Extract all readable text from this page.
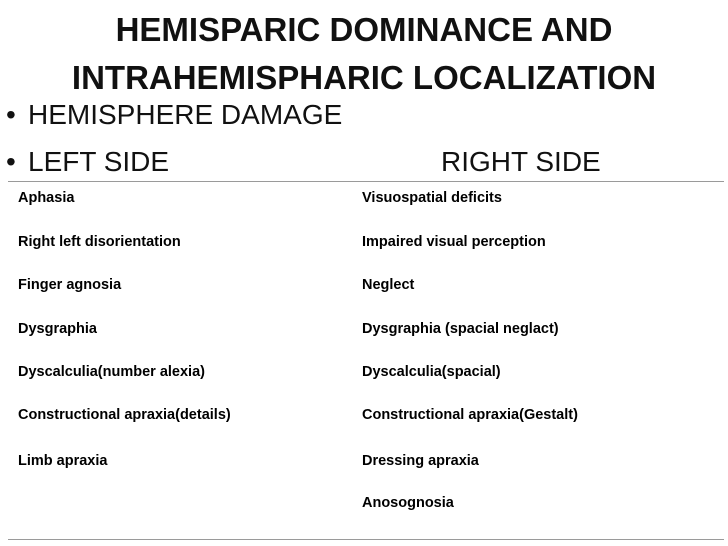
HEMISPARIC DOMINANCE AND
INTRAHEMISPHARIC LOCALIZATION
• HEMISPHERE DAMAGE
• LEFT SIDE	RIGHT SIDE
Aphasia
Right left disorientation
Finger agnosia
Dysgraphia
Dyscalculia(number alexia)
Constructional apraxia(details)
Limb apraxia
Visuospatial deficits
Impaired visual perception
Neglect
Dysgraphia (spacial neglact)
Dyscalculia(spacial)
Constructional apraxia(Gestalt)
Dressing apraxia
Anosognosia
